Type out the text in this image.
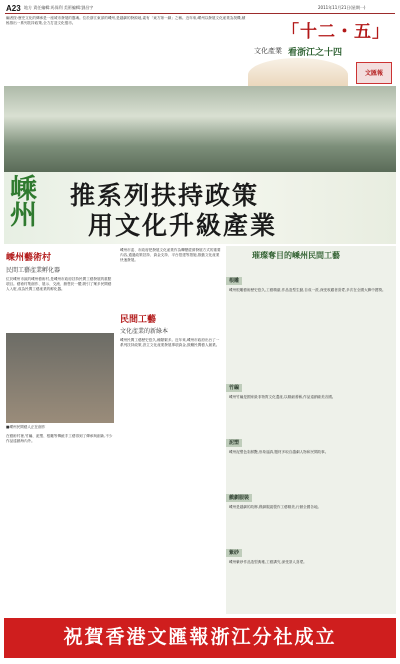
A23 地方 責任編輯:馬保利 美術編輯:劉昌宇	2011年11月21日(星期一)
編者按:歷史文化的傳承是一座城市發展的靈魂。位於浙江東部的嵊州,是越劇的發源地,素有「東方第一劇」之稱。近年來,嵊州以發展文化產業為契機,積極推出一系列扶持政策,全力打造文化強市。	「十二・五」
文化產業 看浙江之十四
文匯報
嵊州
推系列扶持政策
用文化升級產業
嵊州藝術村
民間工藝產業孵化器
位於嵊州市區的嵊州藝術村,是嵊州市政府扶持民間工藝發展的重點項目。藝術村集創作、展示、交流、銷售於一體,吸引了眾多民間藝人入駐,成為民間工藝產業的孵化器。
■嵊州民間藝人正在創作
在藝術村裡,竹編、泥塑、根雕等傳統手工藝得到了傳承與創新,不少作品遠銷海內外。
嵊州市委、市政府把發展文化產業作為轉變經濟發展方式的重要內容,通過政策扶持、資金支持、平台搭建等措施,推動文化產業快速發展。
民間工藝
文化產業的新綠本
嵊州民間工藝歷史悠久,種類繁多。近年來,嵊州市政府出台了一系列扶持政策,設立文化產業發展專項資金,鼓勵民間藝人創業。
璀璨奪目的嵊州民間工藝
根雕
嵊州根雕藝術歷史悠久,工藝精湛,作品造型生動,自成一派,深受收藏者喜愛,多次在全國大賽中獲獎。
竹編
嵊州竹編是國家級非物質文化遺產,以精細著稱,作品遠銷歐美各國。
泥塑
嵊州泥塑色彩鮮艷,形象逼真,題材多取自越劇人物和民間故事。
戲劇服裝
嵊州是越劇的故鄉,戲劇服裝製作工藝精美,行銷全國各地。
紫砂
嵊州紫砂作品造型典雅,工藝講究,深受茶人喜愛。
祝賀香港文匯報浙江分社成立
